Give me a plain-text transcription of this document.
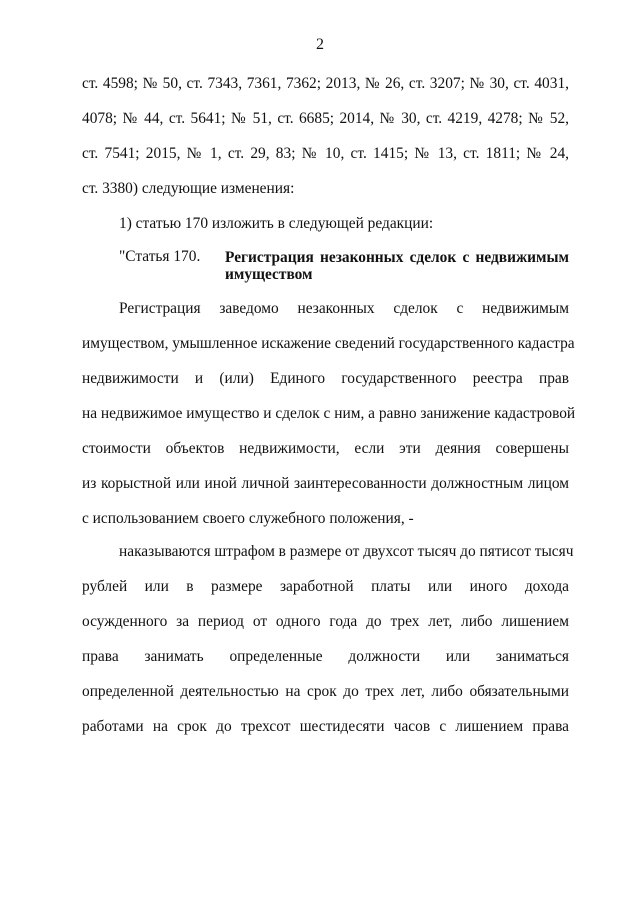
2
ст. 4598; № 50, ст. 7343, 7361, 7362; 2013, № 26, ст. 3207; № 30, ст. 4031,
4078; № 44, ст. 5641; № 51, ст. 6685; 2014, № 30, ст. 4219, 4278; № 52,
ст. 7541; 2015, № 1, ст. 29, 83; № 10, ст. 1415; № 13, ст. 1811; № 24,
ст. 3380) следующие изменения:
1) статью 170 изложить в следующей редакции:
"Статья 170. Регистрация незаконных сделок с недвижимым
имуществом
Регистрация заведомо незаконных сделок с недвижимым
имуществом, умышленное искажение сведений государственного кадастра
недвижимости и (или) Единого государственного реестра прав
на недвижимое имущество и сделок с ним, а равно занижение кадастровой
стоимости объектов недвижимости, если эти деяния совершены
из корыстной или иной личной заинтересованности должностным лицом
с использованием своего служебного положения, -
наказываются штрафом в размере от двухсот тысяч до пятисот тысяч
рублей или в размере заработной платы или иного дохода
осужденного за период от одного года до трех лет, либо лишением
права занимать определенные должности или заниматься
определенной деятельностью на срок до трех лет, либо обязательными
работами на срок до трехсот шестидесяти часов с лишением права
